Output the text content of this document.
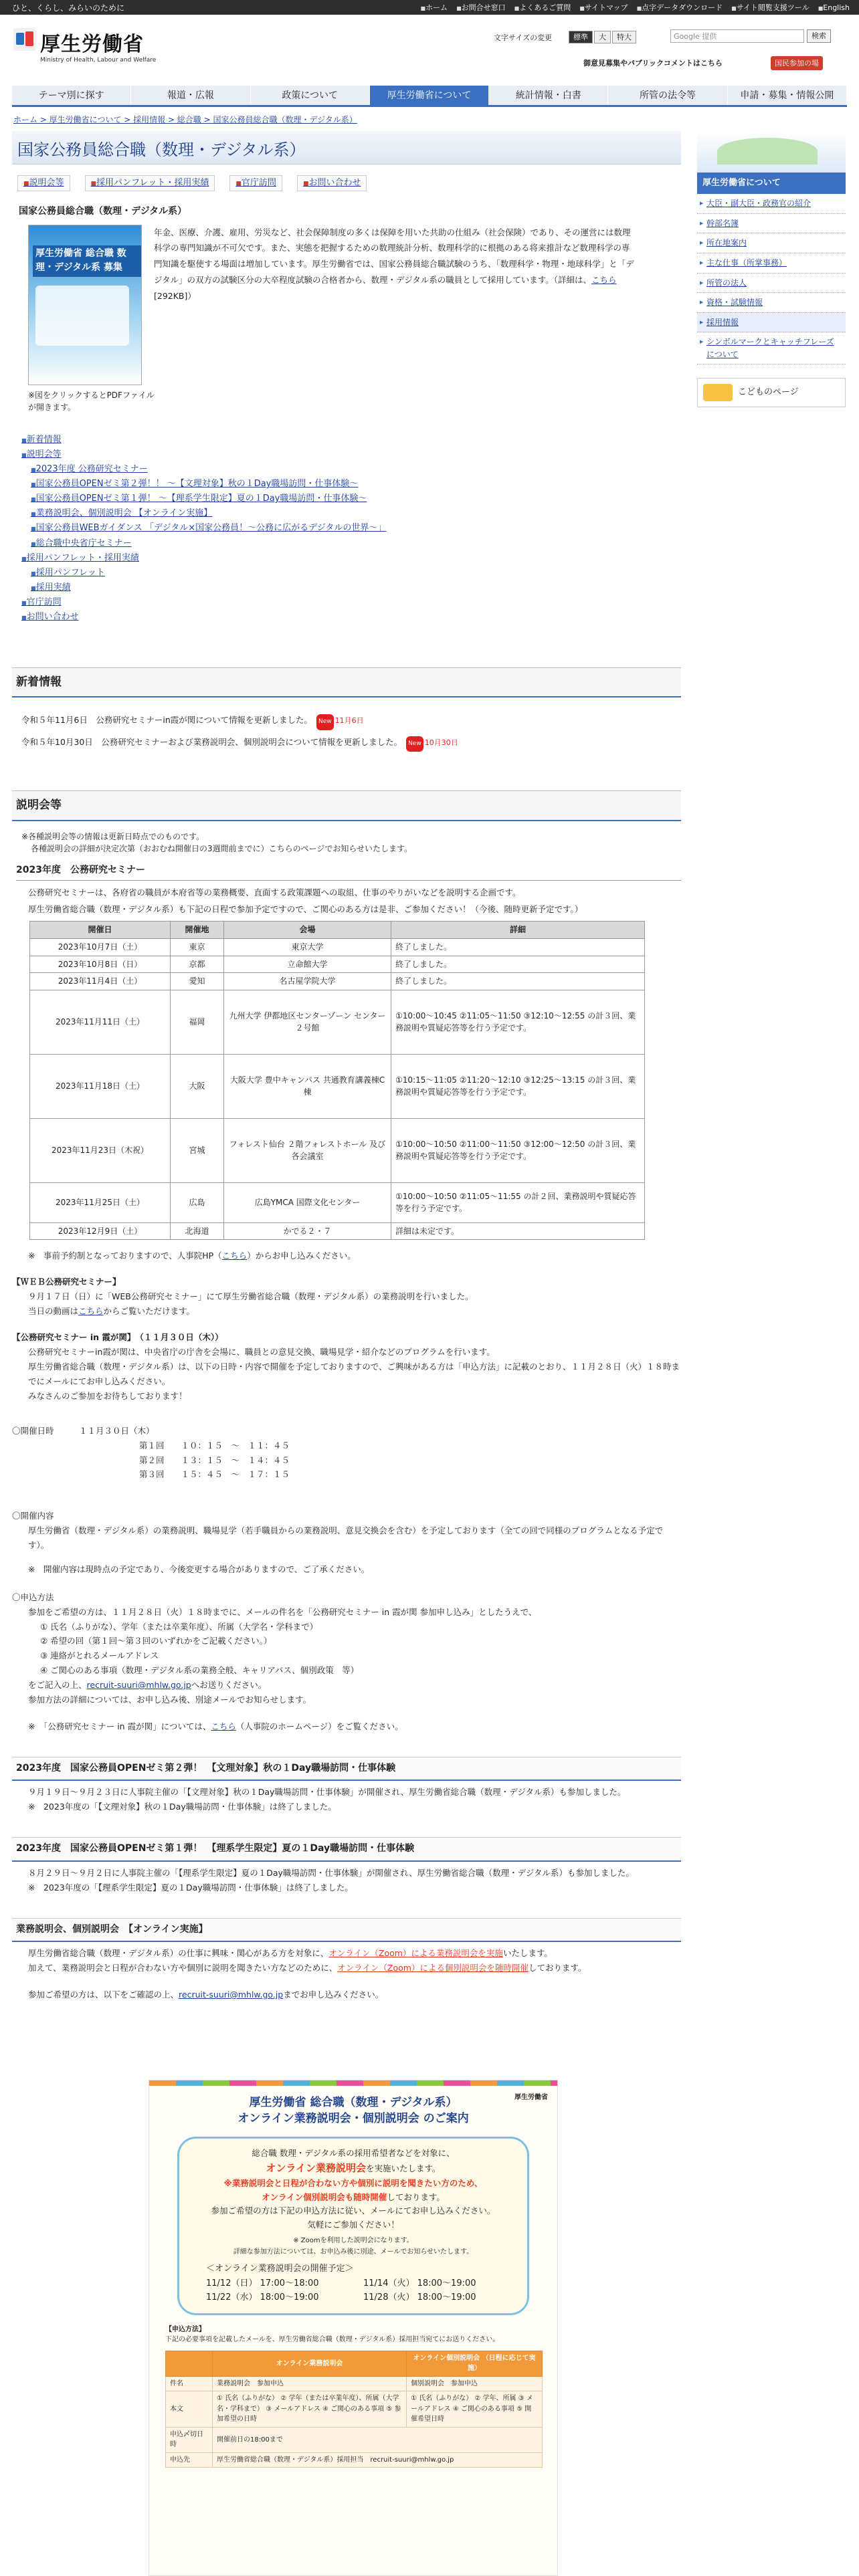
ひと、くらし、みらいのために	■ ホーム	■ お問合せ窓口	■ よくあるご質問	■ サイトマップ	■ 点字データダウンロード	■ サイト閲覧支援ツール	■ English
厚生労働省
Ministry of Health, Labour and Welfare
文字サイズの変更	標準	大	特大	Google 提供	検索
御意見募集やパブリックコメントはこちら	国民参加の場
テーマ別に探す	報道・広報	政策について	厚生労働省について	統計情報・白書	所管の法令等	申請・募集・情報公開
ホーム > 厚生労働省について > 採用情報 > 総合職 > 国家公務員総合職（数理・デジタル系）
国家公務員総合職（数理・デジタル系）
■ 説明会等	■ 採用パンフレット・採用実績	■ 官庁訪問	■ お問い合わせ	厚生労働省について
▶ 大臣・副大臣・政務官の紹介
▶ 幹部名簿
▶ 所在地案内
▶ 主な仕事（所掌事務）
▶ 所管の法人
▶ 資格・試験情報
▶ 採用情報
▶ シンボルマークとキャッチフレーズについて
こどものページ
国家公務員総合職（数理・デジタル系）
厚生労働省 総合職 数理・デジタル系 募集

年金、医療、介護、雇用、労災など、社会保障制度の多くは保障を用いた共助の仕組み（社会保険）であり、その運営には数理科学の専門知識が不可欠です。また、実態を把握するための数理統計分析、数理科学的に根拠のある将来推計など数理科学の専門知識を駆使する場面は増加しています。厚生労働省では、国家公務員総合職試験のうち、「数理科学・物理・地球科学」と「デジタル」の双方の試験区分の大卒程度試験の合格者から、数理・デジタル系の職員として採用しています。（詳細は、こちら[292KB]）

※図をクリックするとPDFファイルが開きます。
■ 新着情報
■ 説明会等
■ 2023年度 公務研究セミナー
■ 国家公務員OPENゼミ第２弾！！ 〜【文理対象】秋の１Day職場訪問・仕事体験〜
■ 国家公務員OPENゼミ第１弾！ 〜【理系学生限定】夏の１Day職場訪問・仕事体験〜
■ 業務説明会、個別説明会 【オンライン実施】
■ 国家公務員WEBガイダンス 「デジタル×国家公務員！〜公務に広がるデジタルの世界〜」
■ 総合職中央省庁セミナー
■ 採用パンフレット・採用実績
■ 採用パンフレット
■ 採用実績
■ 官庁訪問
■ お問い合わせ
新着情報
令和５年11月6日　公務研究セミナーin霞が関について情報を更新しました。 New 11月6日
令和５年10月30日　公務研究セミナーおよび業務説明会、個別説明会について情報を更新しました。 New 10月30日
説明会等
※各種説明会等の情報は更新日時点でのものです。
各種説明会の詳細が決定次第（おおむね開催日の3週間前までに）こちらのページでお知らせいたします。
2023年度　公務研究セミナー
公務研究セミナーは、各府省の職員が本府省等の業務概要、直面する政策課題への取組、仕事のやりがいなどを説明する企画です。
厚生労働省総合職（数理・デジタル系）も下記の日程で参加予定ですので、ご関心のある方は是非、ご参加ください！（今後、随時更新予定です。）
開催日	開催地	会場	詳細
2023年10月7日（土）	東京	東京大学	終了しました。
2023年10月8日（日）	京都	立命館大学	終了しました。
2023年11月4日（土）	愛知	名古屋学院大学	終了しました。
2023年11月11日（土）	福岡	九州大学 伊都地区センターゾーン センター２号館	①10:00〜10:45 ②11:05〜11:50 ③12:10〜12:55 の計３回、業務説明や質疑応答等を行う予定です。
2023年11月18日（土）	大阪	大阪大学 豊中キャンパス 共通教育講義棟C棟	①10:15〜11:05 ②11:20〜12:10 ③12:25〜13:15 の計３回、業務説明や質疑応答等を行う予定です。
2023年11月23日（木祝）	宮城	フォレスト仙台 ２階フォレストホール 及び各会議室	①10:00〜10:50 ②11:00〜11:50 ③12:00〜12:50 の計３回、業務説明や質疑応答等を行う予定です。
2023年11月25日（土）	広島	広島YMCA 国際文化センター	①10:00〜10:50 ②11:05〜11:55 の計２回、業務説明や質疑応答等を行う予定です。
2023年12月9日（土）	北海道	かでる２・７	詳細は未定です。
※　事前予約制となっておりますので、人事院HP（こちら）からお申し込みください。
【ＷＥＢ公務研究セミナー】
９月１７日（日）に「WEB公務研究セミナー」にて厚生労働省総合職（数理・デジタル系）の業務説明を行いました。
当日の動画はこちらからご覧いただけます。
【公務研究セミナー in 霞が関】　（１１月３０日（木））
公務研究セミナーin霞が関は、中央省庁の庁舎を会場に、職員との意見交換、職場見学・紹介などのプログラムを行います。
厚生労働省総合職（数理・デジタル系）は、以下の日時・内容で開催を予定しておりますので、ご興味がある方は「申込方法」に記載のとおり、１１月２８日（火）１８時までにメールにてお申し込みください。
みなさんのご参加をお待ちしております！
〇開催日時　　　	１１月３０日（木）
第１回　　１０：１５　〜　１１：４５
第２回　　１３：１５　〜　１４：４５
第３回　　１５：４５　〜　１７：１５
〇開催内容
厚生労働省（数理・デジタル系）の業務説明、職場見学（若手職員からの業務説明、意見交換会を含む）を予定しております（全ての回で同様のプログラムとなる予定です）。
※　開催内容は現時点の予定であり、今後変更する場合がありますので、ご了承ください。
〇申込方法
参加をご希望の方は、１１月２８日（火）１８時までに、メールの件名を「公務研究セミナー in 霞が関 参加申し込み」としたうえで、
① 氏名（ふりがな）、学年（または卒業年度）、所属（大学名・学科まで）
② 希望の回（第１回〜第３回のいずれかをご記載ください。）
③ 連絡がとれるメールアドレス
④ ご関心のある事項（数理・デジタル系の業務全般、キャリアパス、個別政策　等）
をご記入の上、recruit-suuri@mhlw.go.jpへお送りください。
参加方法の詳細については、お申し込み後、別途メールでお知らせします。
※　「公務研究セミナー in 霞が関」については、こちら（人事院のホームページ）をご覧ください。
2023年度　国家公務員OPENゼミ第２弾！　【文理対象】秋の１Day職場訪問・仕事体験
９月１９日〜９月２３日に人事院主催の「【文理対象】秋の１Day職場訪問・仕事体験」が開催され、厚生労働省総合職（数理・デジタル系）も参加しました。
※　2023年度の「【文理対象】秋の１Day職場訪問・仕事体験」は終了しました。
2023年度　国家公務員OPENゼミ第１弾！　【理系学生限定】夏の１Day職場訪問・仕事体験
８月２９日〜９月２日に人事院主催の「【理系学生限定】夏の１Day職場訪問・仕事体験」が開催され、厚生労働省総合職（数理・デジタル系）も参加しました。
※　2023年度の「【理系学生限定】夏の１Day職場訪問・仕事体験」は終了しました。
業務説明会、個別説明会　【オンライン実施】
厚生労働省総合職（数理・デジタル系）の仕事に興味・関心がある方を対象に、オンライン（Zoom）による業務説明会を実施いたします。
加えて、業務説明会と日程が合わない方や個別に説明を聞きたい方などのために、オンライン（Zoom）による個別説明会を随時開催しております。
参加ご希望の方は、以下をご確認の上、recruit-suuri@mhlw.go.jpまでお申し込みください。
厚生労働省
厚生労働省 総合職（数理・デジタル系）
オンライン業務説明会・個別説明会 のご案内
総合職 数理・デジタル系の採用希望者などを対象に、
オンライン業務説明会を実施いたします。
※業務説明会と日程が合わない方や個別に説明を聞きたい方のため、
オンライン個別説明会も随時開催しております。
参加ご希望の方は下記の申込方法に従い、メールにてお申し込みください。
気軽にご参加ください！
※ Zoomを利用した説明会になります。
詳細な参加方法については、お申込み後に別途、メールでお知らせいたします。
＜オンライン業務説明会の開催予定＞
11/12（日） 17:00〜18:00	11/14（火） 18:00〜19:00
11/22（水） 18:00〜19:00	11/28（火） 18:00〜19:00
【申込方法】
下記の必要事項を記載したメールを、厚生労働省総合職（数理・デジタル系）採用担当宛てにお送りください。
	オンライン業務説明会	オンライン個別説明会 （日程に応じて実施）
件名	業務説明会　参加申込	個別説明会　参加申込
本文	① 氏名（ふりがな） ② 学年（または卒業年度）、所属（大学名・学科まで） ③ メールアドレス ④ ご関心のある事項 ⑤ 参加希望の日時	① 氏名（ふりがな） ② 学年、所属 ③ メールアドレス ④ ご関心のある事項 ⑤ 開催希望日時
申込〆切日時	開催前日の18:00まで	
申込先	厚生労働省総合職（数理・デジタル系）採用担当　recruit-suuri@mhlw.go.jp	
